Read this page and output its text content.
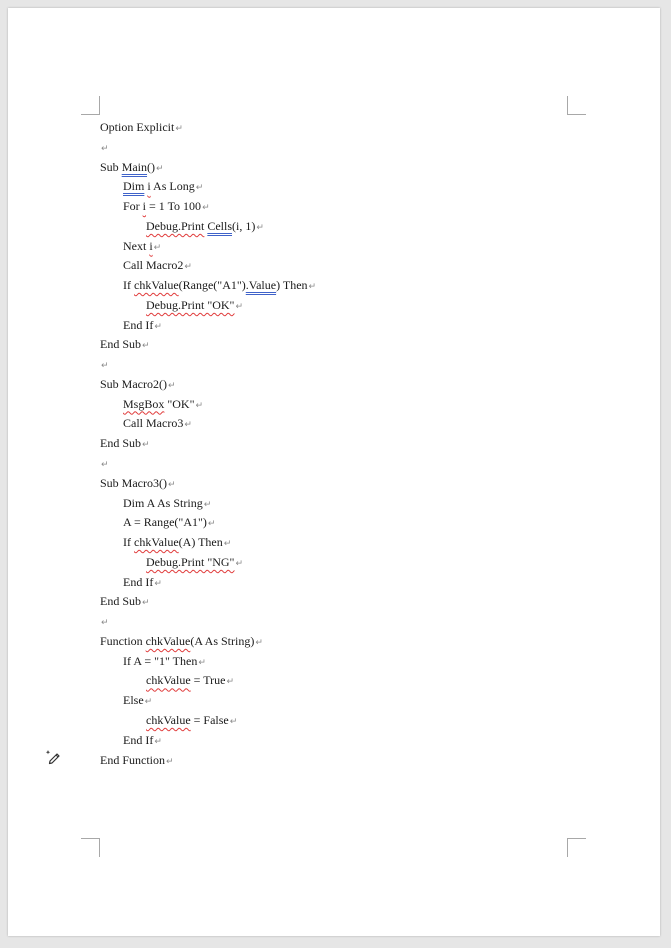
Option Explicit↵
↵
Sub Main()↵
Dim i As Long↵
For i = 1 To 100↵
Debug.Print Cells(i, 1)↵
Next i↵
Call Macro2↵
If chkValue(Range("A1").Value) Then↵
Debug.Print "OK"↵
End If↵
End Sub↵
↵
Sub Macro2()↵
MsgBox "OK"↵
Call Macro3↵
End Sub↵
↵
Sub Macro3()↵
Dim A As String↵
A = Range("A1")↵
If chkValue(A) Then↵
Debug.Print "NG"↵
End If↵
End Sub↵
↵
Function chkValue(A As String)↵
If A = "1" Then↵
chkValue = True↵
Else↵
chkValue = False↵
End If↵
End Function↵
